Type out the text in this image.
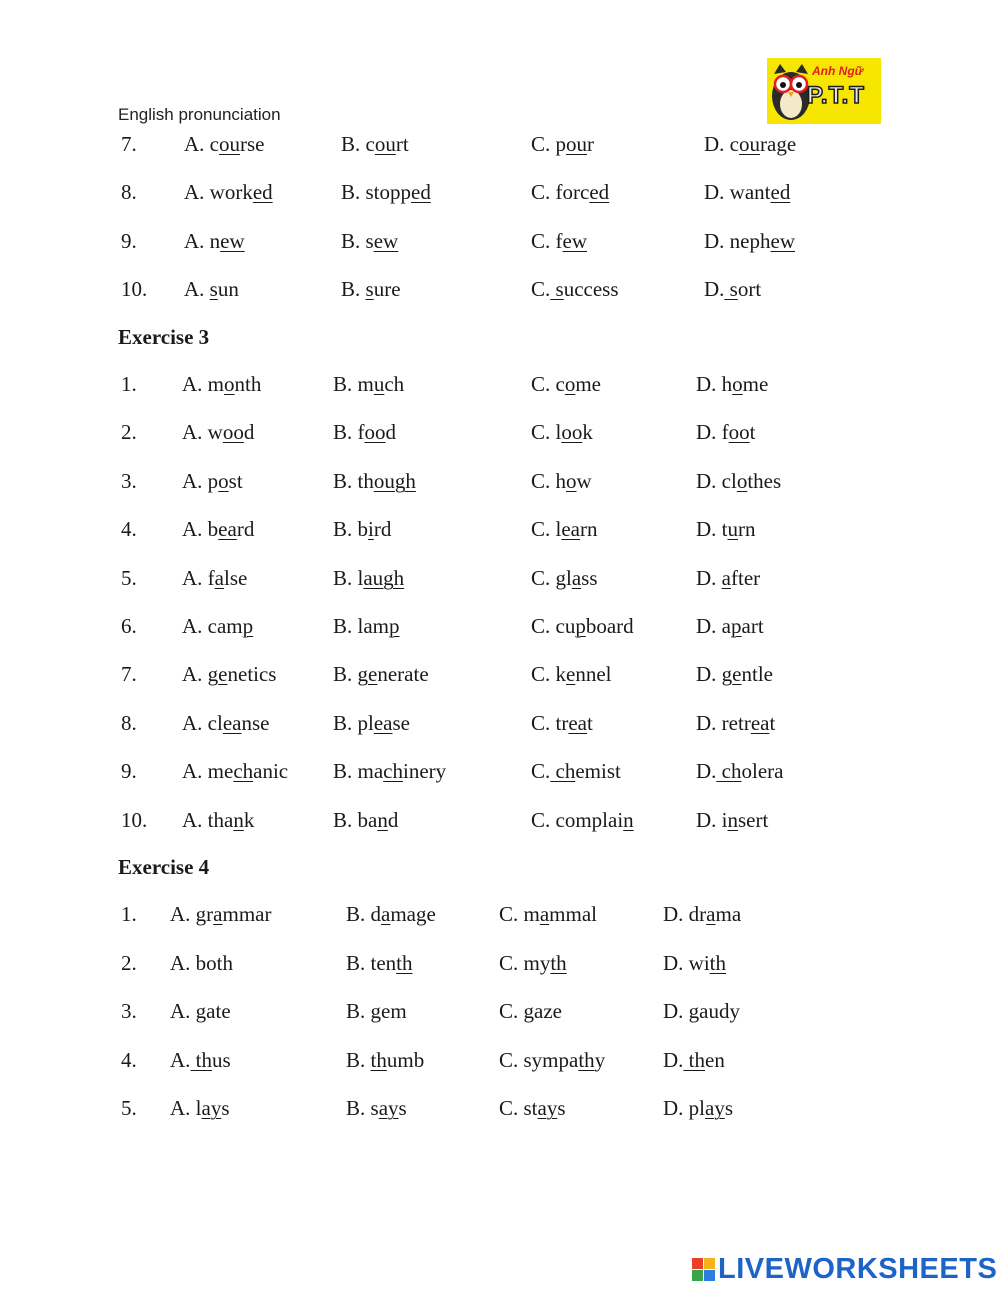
English pronunciation
Anh Ngữ
P.T.T
7. A. course	B. court	C. pour	D. courage
8. A. worked	B. stopped	C. forced	D. wanted
9. A. new	B. sew	C. few	D. nephew
10. A. sun	B. sure	C. success	D. sort
1. A. month	B. much	C. come	D. home
2. A. wood	B. food	C. look	D. foot
3. A. post	B. though	C. how	D. clothes
4. A. beard	B. bird	C. learn	D. turn
5. A. false	B. laugh	C. glass	D. after
6. A. camp	B. lamp	C. cupboard	D. apart
7. A. genetics	B. generate	C. kennel	D. gentle
8. A. cleanse	B. please	C. treat	D. retreat
9. A. mechanic B. machinery	C. chemist	D. cholera
10. A. thank	B. band	C. complain	D. insert
1. A. grammar	B. damage	C. mammal	D. drama
2. A. both	B. tenth	C. myth	D. with
3. A. gate	B. gem	C. gaze	D. gaudy
4. A. thus	B. thumb	C. sympathy	D. then
5. A. lays	B. says	C. stays	D. plays
Exercise 3
Exercise 4
LIVEWORKSHEETS
